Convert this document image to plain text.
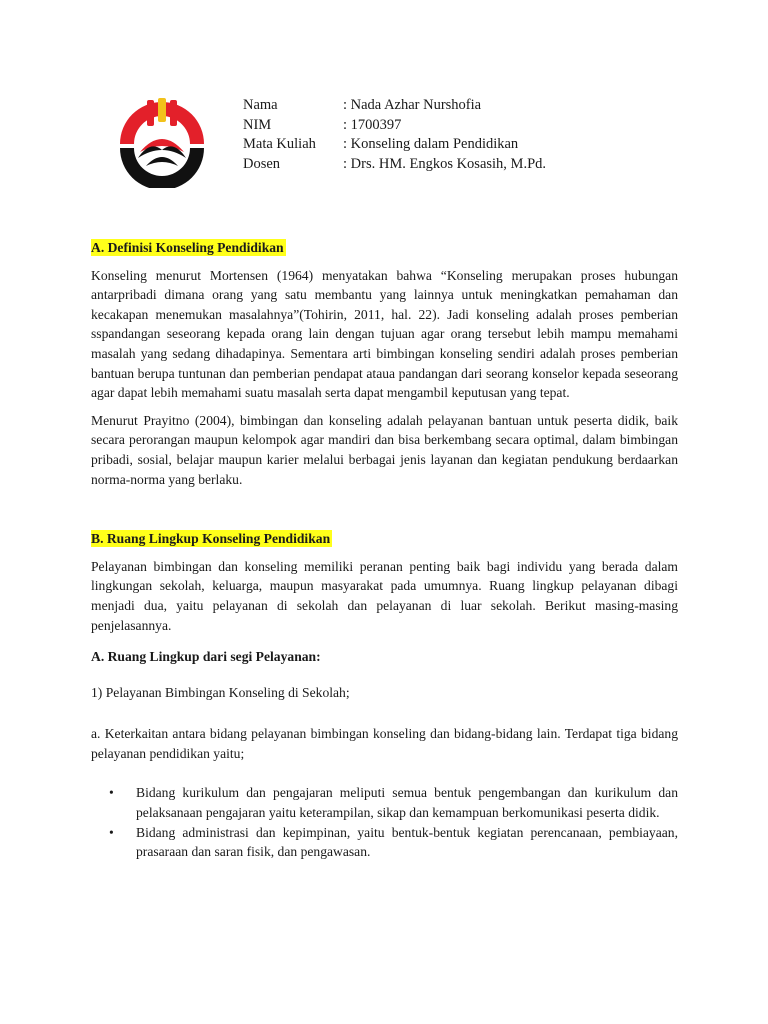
Nama	: Nada Azhar Nurshofia
NIM	: 1700397
Mata Kuliah	: Konseling dalam Pendidikan
Dosen	: Drs. HM. Engkos Kosasih, M.Pd.
A. Definisi Konseling Pendidikan

Konseling menurut Mortensen (1964) menyatakan bahwa “Konseling merupakan proses hubungan antarpribadi dimana orang yang satu membantu yang lainnya untuk meningkatkan pemahaman dan kecakapan menemukan masalahnya”(Tohirin, 2011, hal. 22). Jadi konseling adalah proses pemberian sspandangan seseorang kepada orang lain dengan tujuan agar orang tersebut lebih mampu memahami masalah yang sedang dihadapinya. Sementara arti bimbingan konseling sendiri adalah proses pemberian bantuan berupa tuntunan dan pemberian pendapat ataua pandangan dari seorang konselor kepada seseorang agar dapat lebih memahami suatu masalah serta dapat mengambil keputusan yang tepat.

Menurut Prayitno (2004), bimbingan dan konseling adalah pelayanan bantuan untuk peserta didik, baik secara perorangan maupun kelompok agar mandiri dan bisa berkembang secara optimal, dalam bimbingan pribadi, sosial, belajar maupun karier melalui berbagai jenis layanan dan kegiatan pendukung berdaarkan norma-norma yang berlaku.

B. Ruang Lingkup Konseling Pendidikan

Pelayanan bimbingan dan konseling memiliki peranan penting baik bagi individu yang berada dalam lingkungan sekolah, keluarga, maupun masyarakat pada umumnya. Ruang lingkup pelayanan dibagi menjadi dua, yaitu pelayanan di sekolah dan pelayanan di luar sekolah. Berikut masing-masing penjelasannya.

A. Ruang Lingkup dari segi Pelayanan:

1) Pelayanan Bimbingan Konseling di Sekolah;

a. Keterkaitan antara bidang pelayanan bimbingan konseling dan bidang-bidang lain. Terdapat tiga bidang pelayanan pendidikan yaitu;

• Bidang kurikulum dan pengajaran meliputi semua bentuk pengembangan dan kurikulum dan pelaksanaan pengajaran yaitu keterampilan, sikap dan kemampuan berkomunikasi peserta didik.
• Bidang administrasi dan kepimpinan, yaitu bentuk-bentuk kegiatan perencanaan, pembiayaan, prasaraan dan saran fisik, dan pengawasan.
